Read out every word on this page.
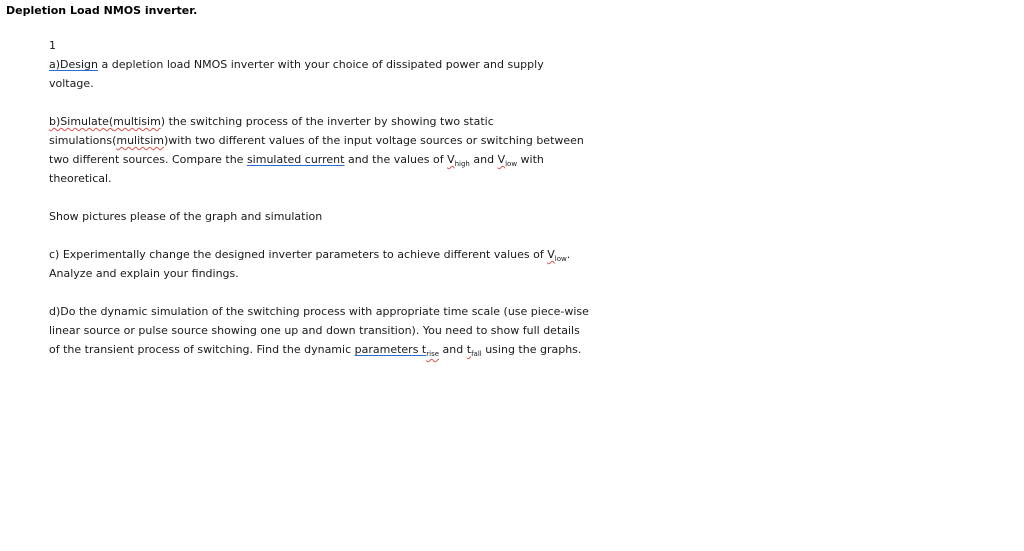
Depletion Load NMOS inverter.

1

a)Design a depletion load NMOS inverter with your choice of dissipated power and supply voltage.

b)Simulate(multisim) the switching process of the inverter by showing two static simulations(mulitsim)with two different values of the input voltage sources or switching between two different sources. Compare the simulated current and the values of $V_{high}$ and $V_{low}$ with theoretical.

Show pictures please of the graph and simulation

c) Experimentally change the designed inverter parameters to achieve different values of $V_{low}$. Analyze and explain your findings.

d)Do the dynamic simulation of the switching process with appropriate time scale (use piece-wise linear source or pulse source showing one up and down transition). You need to show full details of the transient process of switching. Find the dynamic parameters $t_{rise}$ and $t_{fall}$ using the graphs.
